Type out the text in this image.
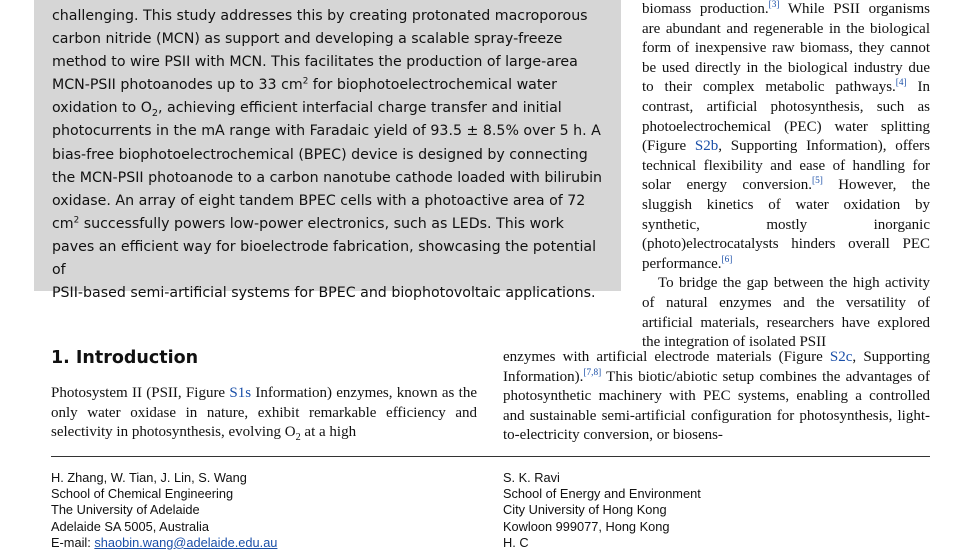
challenging. This study addresses this by creating protonated macroporous
carbon nitride (MCN) as support and developing a scalable spray-freeze
method to wire PSII with MCN. This facilitates the production of large-area
MCN-PSII photoanodes up to 33 $cm^2$ for biophotoelectrochemical water
oxidation to $O_2$, achieving efficient interfacial charge transfer and initial
photocurrents in the mA range with Faradaic yield of 93.5 ± 8.5% over 5 h. A
bias-free biophotoelectrochemical (BPEC) device is designed by connecting
the MCN-PSII photoanode to a carbon nanotube cathode loaded with bilirubin
oxidase. An array of eight tandem BPEC cells with a photoactive area of 72
$cm^2$ successfully powers low-power electronics, such as LEDs. This work
paves an efficient way for bioelectrode fabrication, showcasing the potential of
PSII-based semi-artificial systems for BPEC and biophotovoltaic applications.

biomass production.[3] While PSII organisms are abundant and regenerable in the biological form of inexpensive raw biomass, they cannot be used directly in the biological industry due to their complex metabolic pathways.[4] In contrast, artificial photosynthesis, such as photoelectrochemical (PEC) water splitting (Figure S2b, Supporting Information), offers technical flexibility and ease of handling for solar energy conversion.[5] However, the sluggish kinetics of water oxidation by synthetic, mostly inorganic (photo)electrocatalysts hinders overall PEC performance.[6]

To bridge the gap between the high activity of natural enzymes and the versatility of artificial materials, researchers have explored the integration of isolated PSII

1. Introduction	enzymes with artificial electrode materials (Figure S2c, Supporting Information).[7,8] This biotic/abiotic setup combines the advantages of photosynthetic machinery with PEC systems, enabling a controlled and sustainable semi-artificial configuration for photosynthesis, light-to-electricity conversion, or biosens-

Photosystem II (PSII, Figure S1s Information) enzymes, known as the only water oxidase in nature, exhibit remarkable efficiency and selectivity in photosynthesis, evolving $O_2$ at a high

H. Zhang, W. Tian, J. Lin, S. Wang
School of Chemical Engineering
The University of Adelaide
Adelaide SA 5005, Australia
E-mail: shaobin.wang@adelaide.edu.au
S. K. Ravi
School of Energy and Environment
City University of Hong Kong
Kowloon 999077, Hong Kong
H. C
